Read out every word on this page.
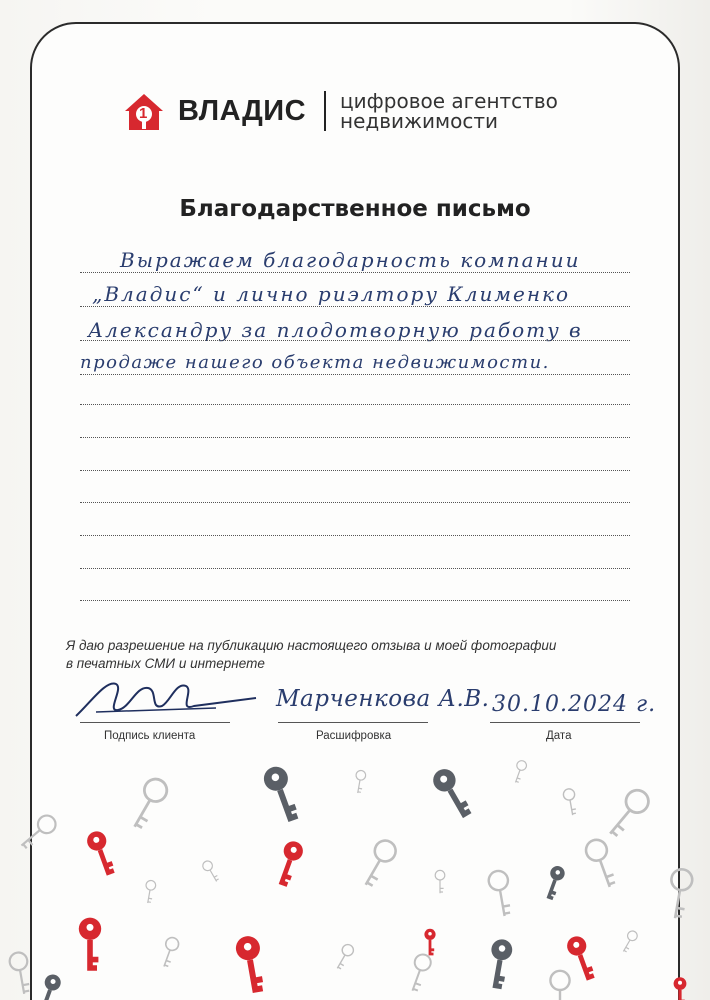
1 ВЛАДИС цифровое агентство
недвижимости
Благодарственное письмо
Выражаем благодарность компании
„Владис“ и лично риэлтору Клименко
Александру за плодотворную работу в
продаже нашего объекта недвижимости.
Я даю разрешение на публикацию настоящего отзыва и моей фотографии
в печатных СМИ и интернете
Подпись клиента
Марченкова А.В.
Расшифровка
30.10.2024 г.
Дата
